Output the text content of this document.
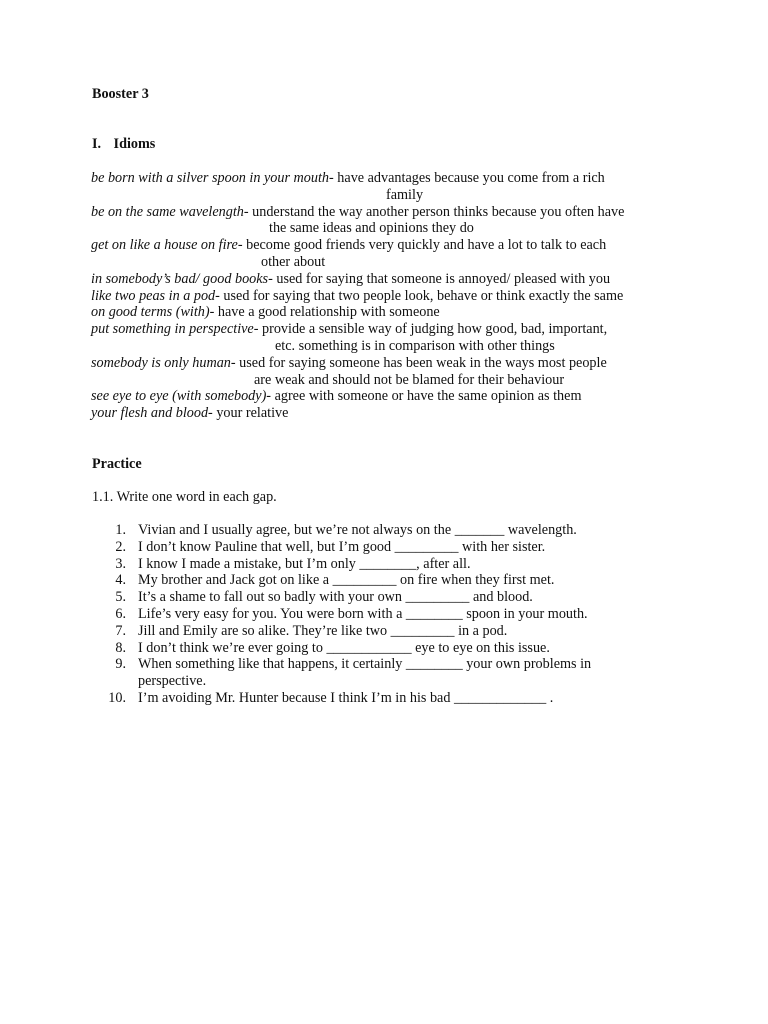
Booster 3
I. Idioms
be born with a silver spoon in your mouth- have advantages because you come from a rich
family
be on the same wavelength- understand the way another person thinks because you often have
the same ideas and opinions they do
get on like a house on fire- become good friends very quickly and have a lot to talk to each
other about
in somebody’s bad/ good books- used for saying that someone is annoyed/ pleased with you
like two peas in a pod- used for saying that two people look, behave or think exactly the same
on good terms (with)- have a good relationship with someone
put something in perspective- provide a sensible way of judging how good, bad, important,
etc. something is in comparison with other things
somebody is only human- used for saying someone has been weak in the ways most people
are weak and should not be blamed for their behaviour
see eye to eye (with somebody)- agree with someone or have the same opinion as them
your flesh and blood- your relative
Practice
1.1. Write one word in each gap.
1. Vivian and I usually agree, but we’re not always on the _______ wavelength.
2. I don’t know Pauline that well, but I’m good _________ with her sister.
3. I know I made a mistake, but I’m only ________, after all.
4. My brother and Jack got on like a _________ on fire when they first met.
5. It’s a shame to fall out so badly with your own _________ and blood.
6. Life’s very easy for you. You were born with a ________ spoon in your mouth.
7. Jill and Emily are so alike. They’re like two _________ in a pod.
8. I don’t think we’re ever going to ____________ eye to eye on this issue.
9. When something like that happens, it certainly ________ your own problems in perspective.
10. I’m avoiding Mr. Hunter because I think I’m in his bad _____________ .
